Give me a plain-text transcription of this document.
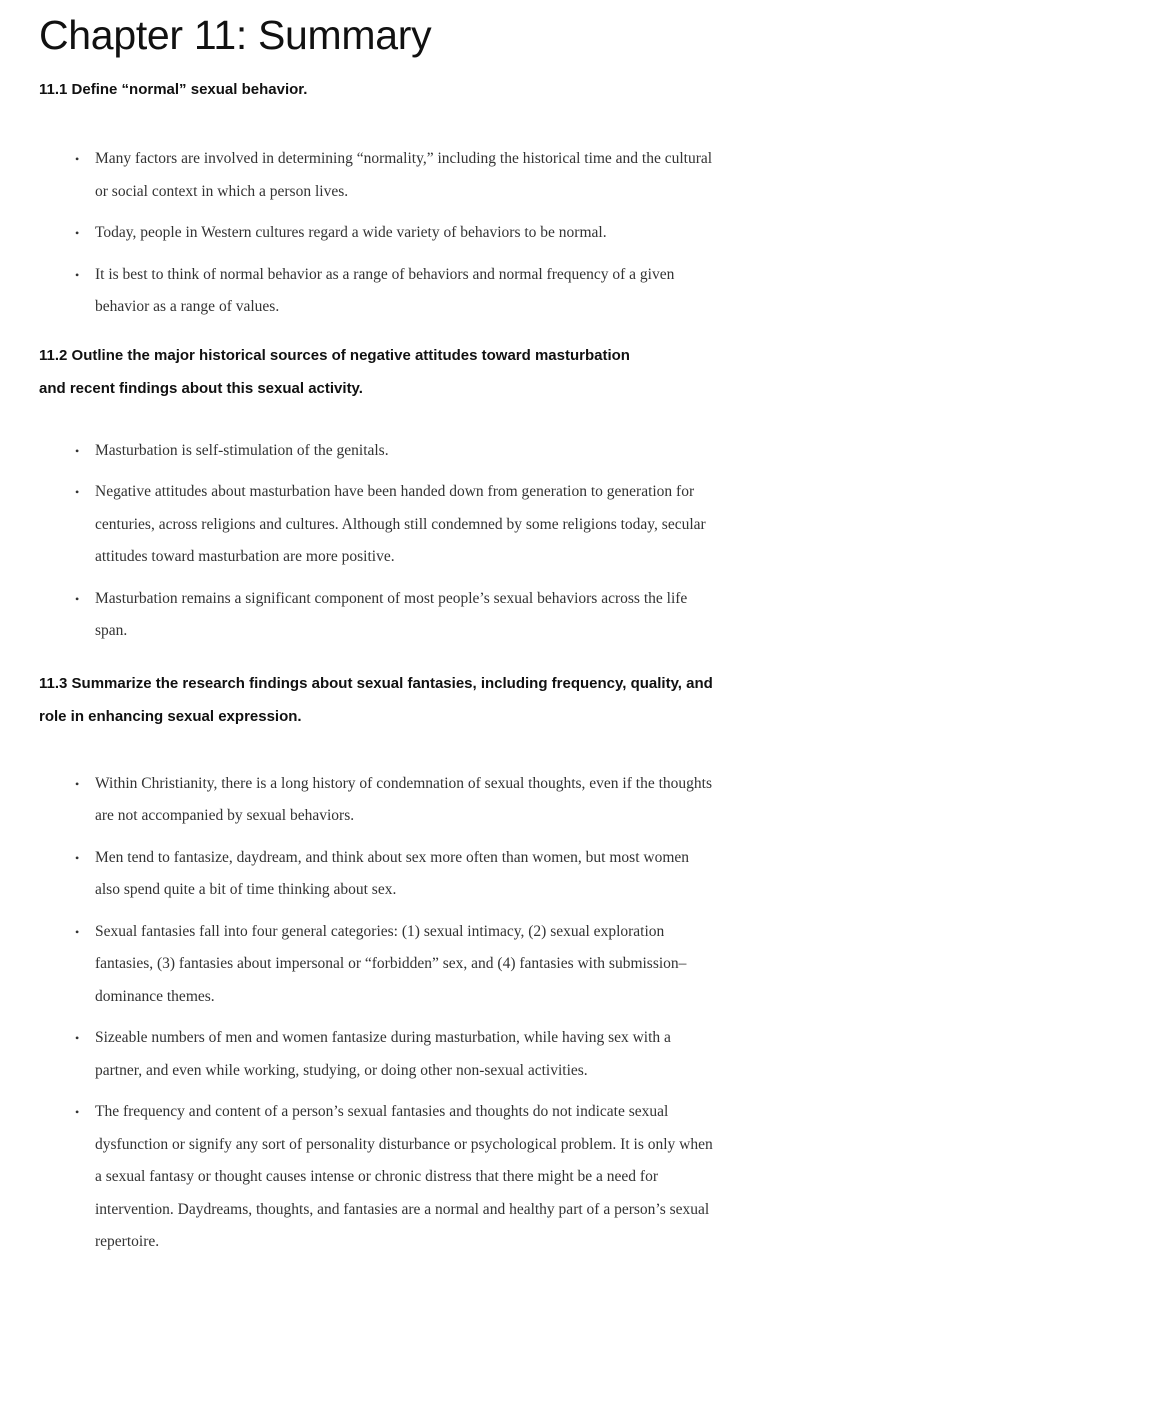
Chapter 11: Summary
11.1 Define “normal” sexual behavior.
• Many factors are involved in determining “normality,” including the historical time and the cultural or social context in which a person lives.
• Today, people in Western cultures regard a wide variety of behaviors to be normal.
• It is best to think of normal behavior as a range of behaviors and normal frequency of a given behavior as a range of values.
11.2 Outline the major historical sources of negative attitudes toward masturbation and recent findings about this sexual activity.
• Masturbation is self-stimulation of the genitals.
• Negative attitudes about masturbation have been handed down from generation to generation for centuries, across religions and cultures. Although still condemned by some religions today, secular attitudes toward masturbation are more positive.
• Masturbation remains a significant component of most people’s sexual behaviors across the life span.
11.3 Summarize the research findings about sexual fantasies, including frequency, quality, and role in enhancing sexual expression.
• Within Christianity, there is a long history of condemnation of sexual thoughts, even if the thoughts are not accompanied by sexual behaviors.
• Men tend to fantasize, daydream, and think about sex more often than women, but most women also spend quite a bit of time thinking about sex.
• Sexual fantasies fall into four general categories: (1) sexual intimacy, (2) sexual exploration fantasies, (3) fantasies about impersonal or “forbidden” sex, and (4) fantasies with submission–dominance themes.
• Sizeable numbers of men and women fantasize during masturbation, while having sex with a partner, and even while working, studying, or doing other non-sexual activities.
• The frequency and content of a person’s sexual fantasies and thoughts do not indicate sexual dysfunction or signify any sort of personality disturbance or psychological problem. It is only when a sexual fantasy or thought causes intense or chronic distress that there might be a need for intervention. Daydreams, thoughts, and fantasies are a normal and healthy part of a person’s sexual repertoire.
